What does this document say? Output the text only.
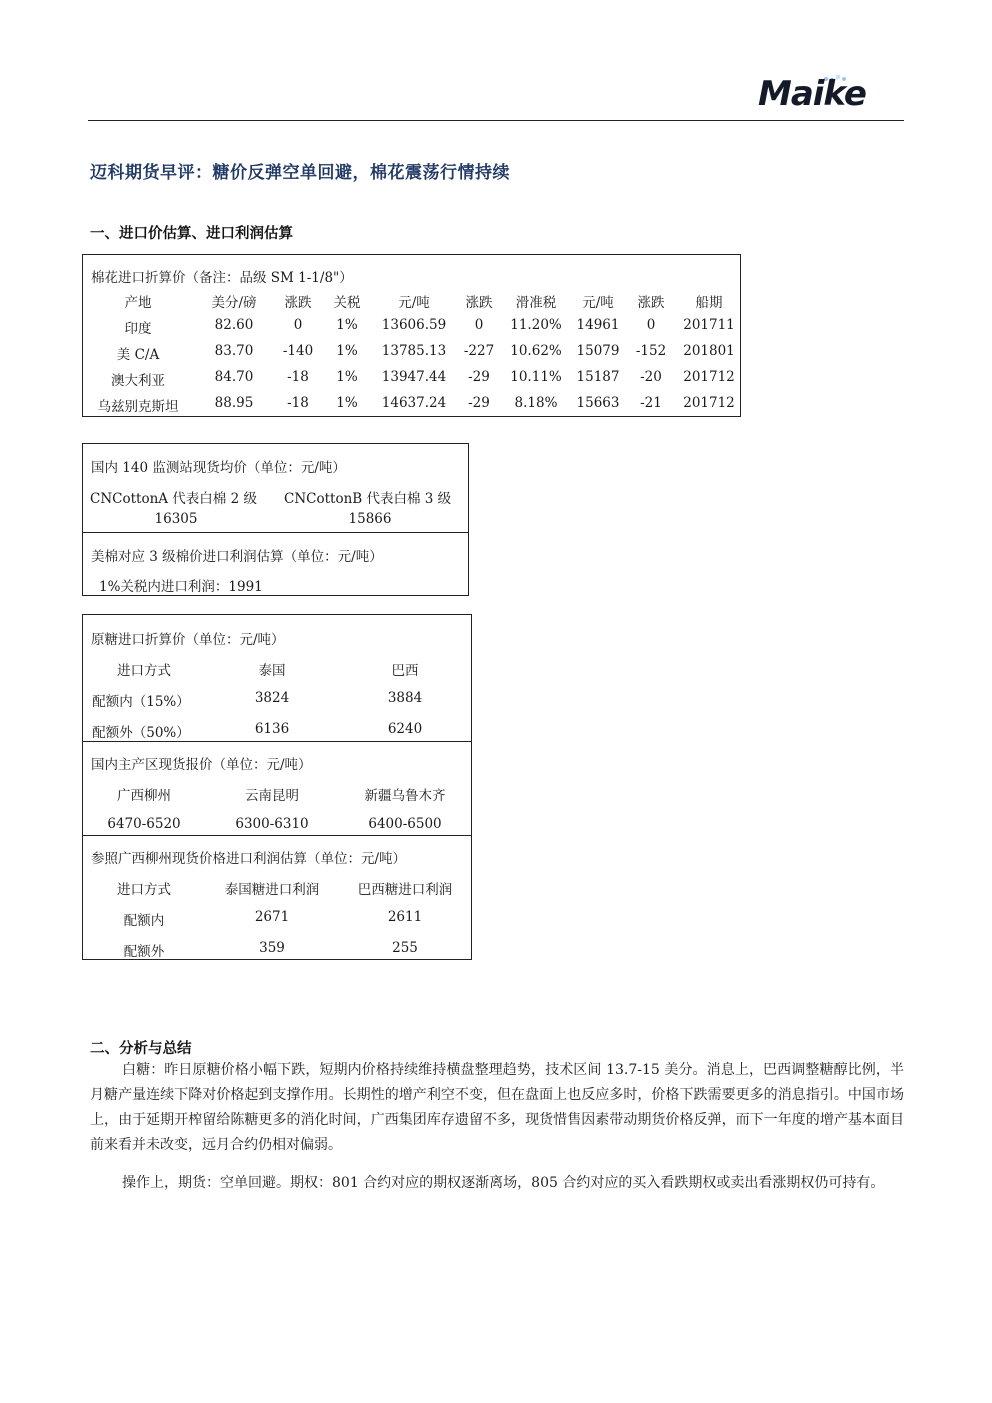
Maike
迈科期货早评：糖价反弹空单回避，棉花震荡行情持续
一、进口价估算、进口利润估算
棉花进口折算价（备注：品级 SM 1-1/8"）
产地	美分/磅 涨跌 关税	元/吨	涨跌 滑准税 元/吨 涨跌 船期
印度	82.60	0	1% 13606.59 0 11.20% 14961 0 201711
美 C/A	83.70 -140 1% 13785.13 -227 10.62% 15079 -152 201801
澳大利亚	84.70	-18 1% 13947.44 -29 10.11% 15187 -20 201712
乌兹别克斯坦	88.95	-18 1% 14637.24 -29 8.18% 15663 -21 201712
国内 140 监测站现货均价（单位：元/吨）
CNCottonA 代表白棉 2 级 CNCottonB 代表白棉 3 级
16305	15866
美棉对应 3 级棉价进口利润估算（单位：元/吨）
1%关税内进口利润：1991
原糖进口折算价（单位：元/吨）
进口方式	泰国	巴西
配额内（15%）	3824	3884
配额外（50%）	6136	6240
国内主产区现货报价（单位：元/吨）
广西柳州	云南昆明	新疆乌鲁木齐
6470-6520	6300-6310	6400-6500
参照广西柳州现货价格进口利润估算（单位：元/吨）
进口方式	泰国糖进口利润	巴西糖进口利润
配额内	2671	2611
配额外	359	255
二、分析与总结

白糖：昨日原糖价格小幅下跌，短期内价格持续维持横盘整理趋势，技术区间 13.7-15 美分。消息上，巴西调整糖醇比例，半月糖产量连续下降对价格起到支撑作用。长期性的增产利空不变，但在盘面上也反应多时，价格下跌需要更多的消息指引。中国市场上，由于延期开榨留给陈糖更多的消化时间，广西集团库存遗留不多，现货惜售因素带动期货价格反弹，而下一年度的增产基本面目前来看并未改变，远月合约仍相对偏弱。

操作上，期货：空单回避。期权：801 合约对应的期权逐渐离场，805 合约对应的买入看跌期权或卖出看涨期权仍可持有。
